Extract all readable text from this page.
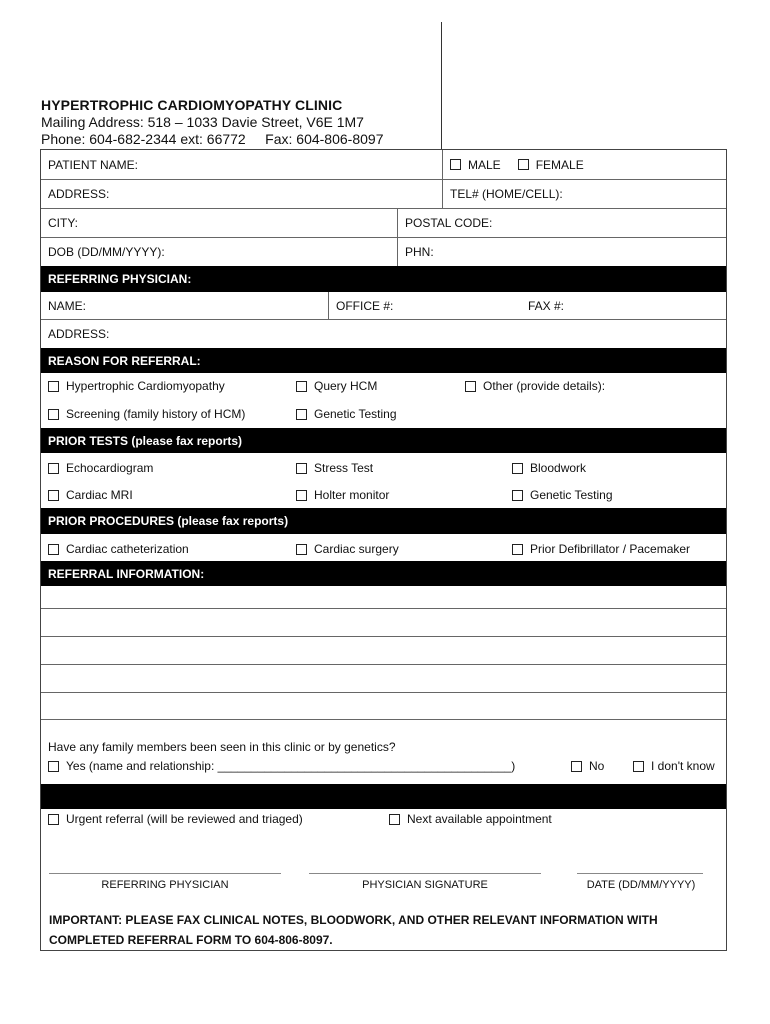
HYPERTROPHIC CARDIOMYOPATHY CLINIC
Mailing Address: 518 – 1033 Davie Street, V6E 1M7
Phone: 604-682-2344 ext: 66772     Fax: 604-806-8097
PATIENT NAME:	MALE	FEMALE
ADDRESS:	TEL# (HOME/CELL):
CITY:	POSTAL CODE:
DOB (DD/MM/YYYY):	PHN:
REFERRING PHYSICIAN:
NAME:	OFFICE #:	FAX #:
ADDRESS:
REASON FOR REFERRAL:
Hypertrophic Cardiomyopathy	Query HCM	Other (provide details):
Screening (family history of HCM)	Genetic Testing
PRIOR TESTS (please fax reports)
Echocardiogram	Stress Test	Bloodwork
Cardiac MRI	Holter monitor	Genetic Testing
PRIOR PROCEDURES (please fax reports)
Cardiac catheterization	Cardiac surgery	Prior Defibrillator / Pacemaker
REFERRAL INFORMATION:
Have any family members been seen in this clinic or by genetics?
Yes (name and relationship: ____________________________________________)	No	I don't know
Urgent referral (will be reviewed and triaged)	Next available appointment
REFERRING PHYSICIAN	PHYSICIAN SIGNATURE	DATE (DD/MM/YYYY)
IMPORTANT: PLEASE FAX CLINICAL NOTES, BLOODWORK, AND OTHER RELEVANT INFORMATION WITH COMPLETED REFERRAL FORM TO 604-806-8097.
